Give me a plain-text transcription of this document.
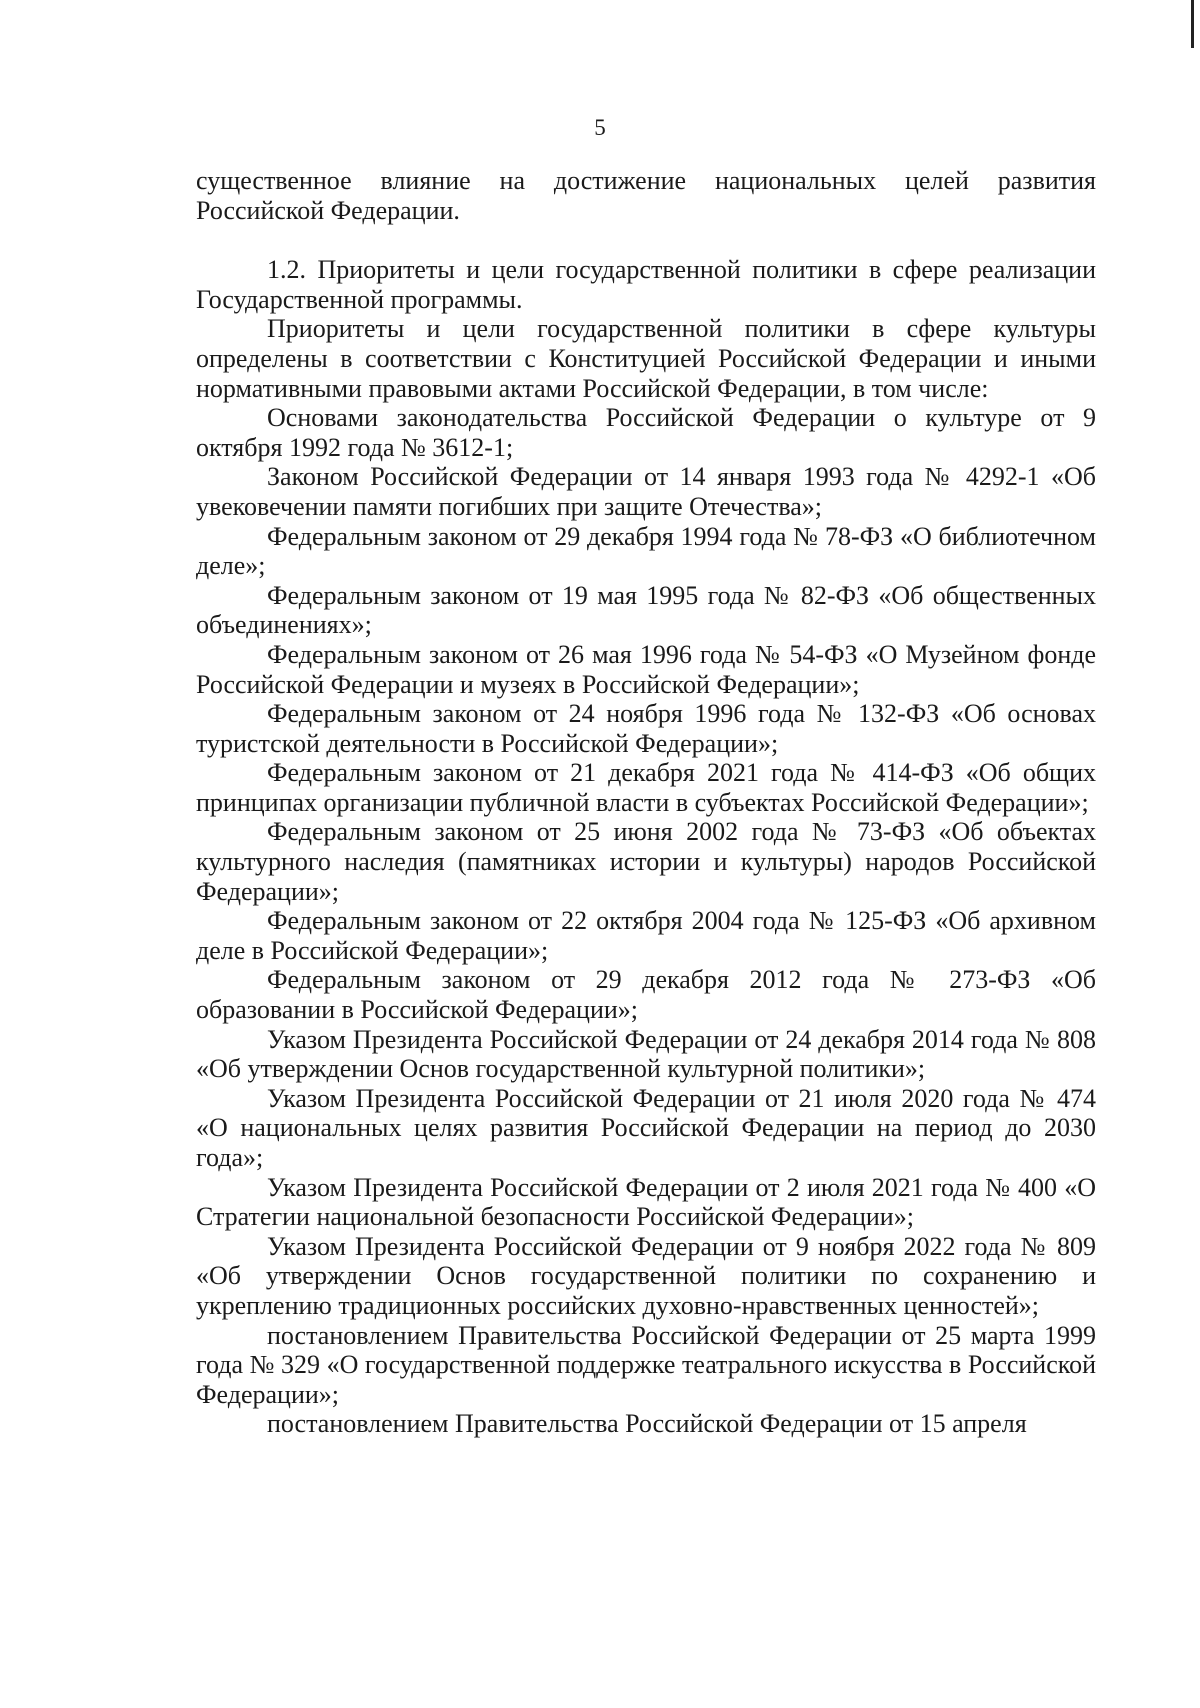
5

существенное влияние на достижение национальных целей развития Российской Федерации.

1.2. Приоритеты и цели государственной политики в сфере реализации Государственной программы.

Приоритеты и цели государственной политики в сфере культуры определены в соответствии с Конституцией Российской Федерации и иными нормативными правовыми актами Российской Федерации, в том числе:

Основами законодательства Российской Федерации о культуре от 9 октября 1992 года № 3612-1;

Законом Российской Федерации от 14 января 1993 года № 4292-1 «Об увековечении памяти погибших при защите Отечества»;

Федеральным законом от 29 декабря 1994 года № 78-ФЗ «О библиотечном деле»;

Федеральным законом от 19 мая 1995 года № 82-ФЗ «Об общественных объединениях»;

Федеральным законом от 26 мая 1996 года № 54-ФЗ «О Музейном фонде Российской Федерации и музеях в Российской Федерации»;

Федеральным законом от 24 ноября 1996 года № 132-ФЗ «Об основах туристской деятельности в Российской Федерации»;

Федеральным законом от 21 декабря 2021 года № 414-ФЗ «Об общих принципах организации публичной власти в субъектах Российской Федерации»;

Федеральным законом от 25 июня 2002 года № 73-ФЗ «Об объектах культурного наследия (памятниках истории и культуры) народов Российской Федерации»;

Федеральным законом от 22 октября 2004 года № 125-ФЗ «Об архивном деле в Российской Федерации»;

Федеральным законом от 29 декабря 2012 года № 273-ФЗ «Об образовании в Российской Федерации»;

Указом Президента Российской Федерации от 24 декабря 2014 года № 808 «Об утверждении Основ государственной культурной политики»;

Указом Президента Российской Федерации от 21 июля 2020 года № 474 «О национальных целях развития Российской Федерации на период до 2030 года»;

Указом Президента Российской Федерации от 2 июля 2021 года № 400 «О Стратегии национальной безопасности Российской Федерации»;

Указом Президента Российской Федерации от 9 ноября 2022 года № 809 «Об утверждении Основ государственной политики по сохранению и укреплению традиционных российских духовно-нравственных ценностей»;

постановлением Правительства Российской Федерации от 25 марта 1999 года № 329 «О государственной поддержке театрального искусства в Российской Федерации»;

постановлением Правительства Российской Федерации от 15 апреля
